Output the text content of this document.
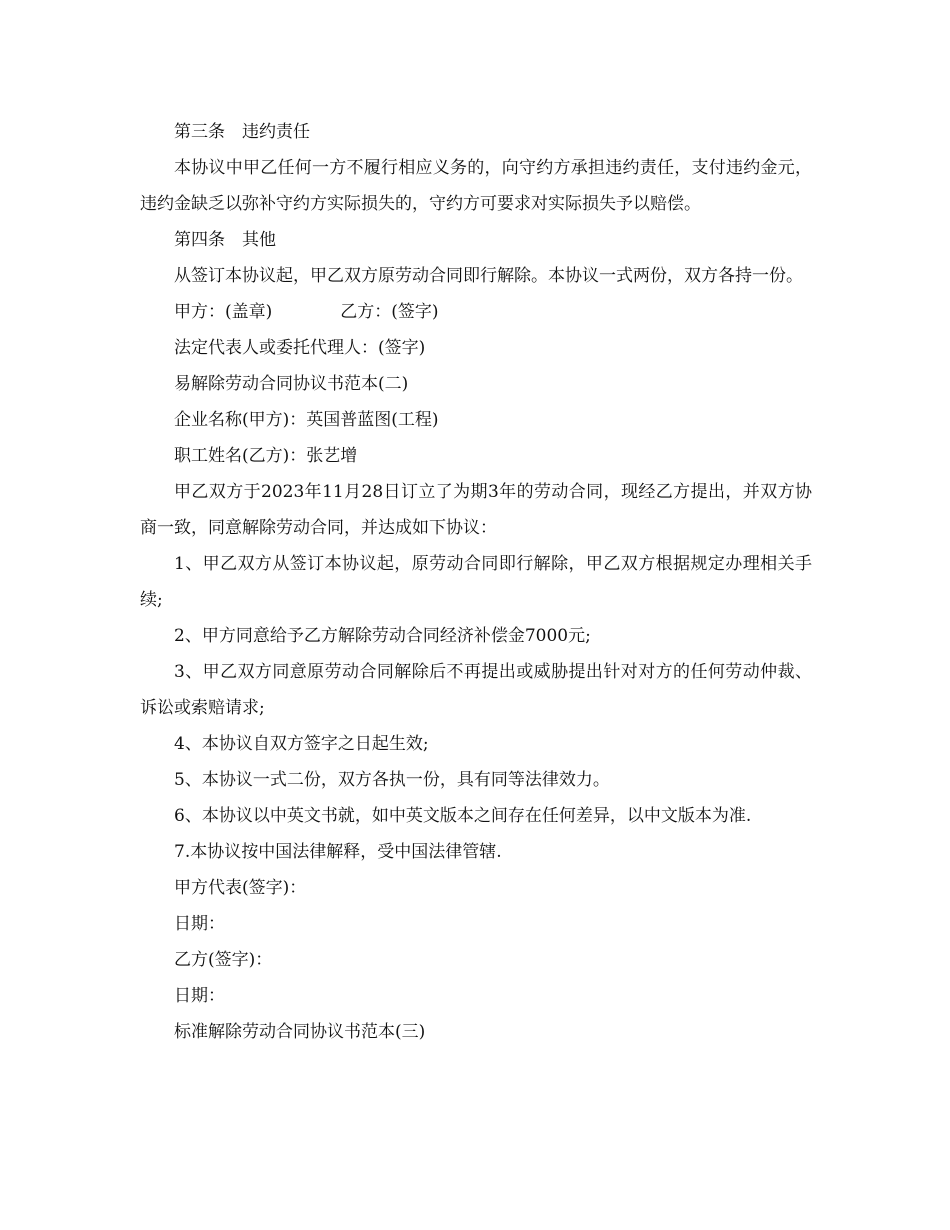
第三条　违约责任

本协议中甲乙任何一方不履行相应义务的，向守约方承担违约责任，支付违约金元，违约金缺乏以弥补守约方实际损失的，守约方可要求对实际损失予以赔偿。

第四条　其他

从签订本协议起，甲乙双方原劳动合同即行解除。本协议一式两份，双方各持一份。

甲方：(盖章)　　　　乙方：(签字)

法定代表人或委托代理人：(签字)

易解除劳动合同协议书范本(二)

企业名称(甲方)：英国普蓝图(工程)

职工姓名(乙方)：张艺增

甲乙双方于2023年11月28日订立了为期3年的劳动合同，现经乙方提出，并双方协商一致，同意解除劳动合同，并达成如下协议：

1、甲乙双方从签订本协议起，原劳动合同即行解除，甲乙双方根据规定办理相关手续;

2、甲方同意给予乙方解除劳动合同经济补偿金7000元;

3、甲乙双方同意原劳动合同解除后不再提出或威胁提出针对对方的任何劳动仲裁、诉讼或索赔请求;

4、本协议自双方签字之日起生效;

5、本协议一式二份，双方各执一份，具有同等法律效力。

6、本协议以中英文书就，如中英文版本之间存在任何差异，以中文版本为准.

7.本协议按中国法律解释，受中国法律管辖.

甲方代表(签字)：

日期：

乙方(签字)：

日期：

标准解除劳动合同协议书范本(三)
